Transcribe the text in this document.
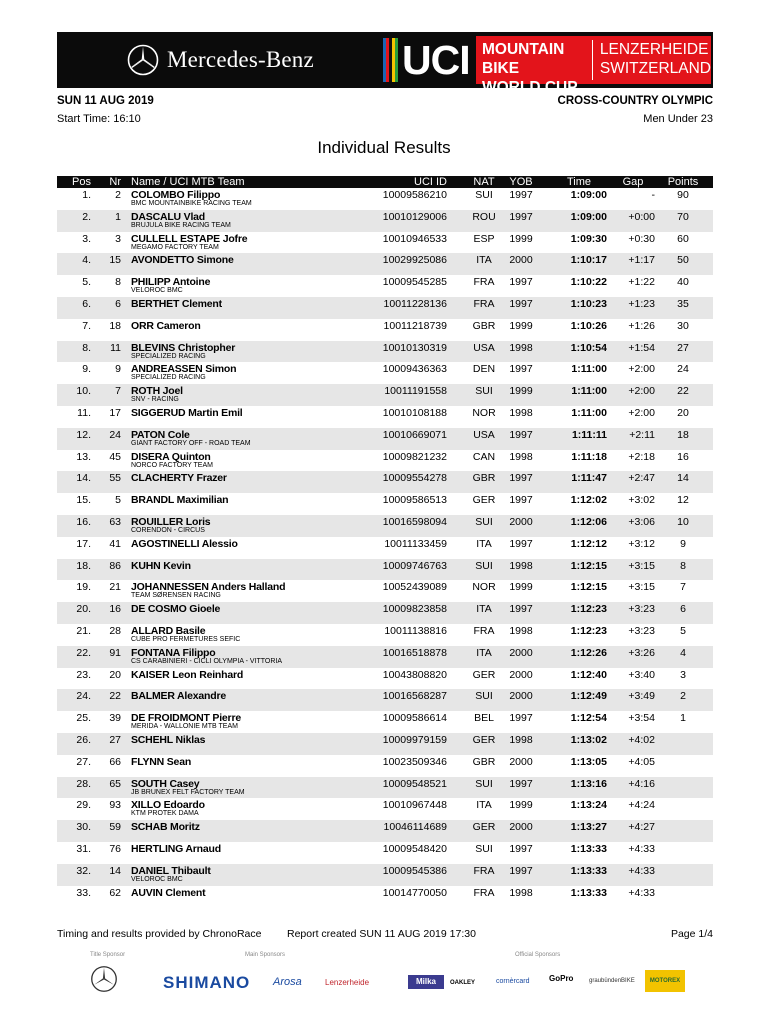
Mercedes-Benz UCI MOUNTAIN BIKE
WORLD CUP
LENZERHEIDE
SWITZERLAND
SUN 11 AUG 2019
Start Time: 16:10
CROSS-COUNTRY OLYMPIC
Men Under 23
Individual Results
Pos	Nr Name / UCI MTB Team	UCI ID	NAT	YOB	Time	Gap	Points
1.	2 COLOMBO Filippo	10009586210	SUI	1997	1:09:00	-	90
BMC MOUNTAINBIKE RACING TEAM
2.	1 DASCALU Vlad	10010129006	ROU	1997	1:09:00	+0:00	70
BRUJULA BIKE RACING TEAM
3.	3 CULLELL ESTAPE Jofre	10010946533	ESP	1999	1:09:30	+0:30	60
MEGAMO FACTORY TEAM
4.	15 AVONDETTO Simone	10029925086	ITA	2000	1:10:17	+1:17	50
5.	8 PHILIPP Antoine	10009545285	FRA	1997	1:10:22	+1:22	40
VELOROC BMC
6.	6 BERTHET Clement	10011228136	FRA	1997	1:10:23	+1:23	35
7.	18 ORR Cameron	10011218739	GBR	1999	1:10:26	+1:26	30
8.	11 BLEVINS Christopher	10010130319	USA	1998	1:10:54	+1:54	27
SPECIALIZED RACING
9.	9 ANDREASSEN Simon	10009436363	DEN	1997	1:11:00	+2:00	24
SPECIALIZED RACING
10.	7 ROTH Joel	10011191558	SUI	1999	1:11:00	+2:00	22
SNV - RACING
11.	17 SIGGERUD Martin Emil	10010108188	NOR	1998	1:11:00	+2:00	20
12.	24 PATON Cole	10010669071	USA	1997	1:11:11	+2:11	18
GIANT FACTORY OFF - ROAD TEAM
13.	45 DISERA Quinton	10009821232	CAN	1998	1:11:18	+2:18	16
NORCO FACTORY TEAM
14.	55 CLACHERTY Frazer	10009554278	GBR	1997	1:11:47	+2:47	14
15.	5 BRANDL Maximilian	10009586513	GER	1997	1:12:02	+3:02	12
16.	63 ROUILLER Loris	10016598094	SUI	2000	1:12:06	+3:06	10
CORENDON - CIRCUS
17.	41 AGOSTINELLI Alessio	10011133459	ITA	1997	1:12:12	+3:12	9
18.	86 KUHN Kevin	10009746763	SUI	1998	1:12:15	+3:15	8
19.	21 JOHANNESSEN Anders Halland	10052439089	NOR	1999	1:12:15	+3:15	7
TEAM SØRENSEN RACING
20.	16 DE COSMO Gioele	10009823858	ITA	1997	1:12:23	+3:23	6
21.	28 ALLARD Basile	10011138816	FRA	1998	1:12:23	+3:23	5
CUBE PRO FERMETURES SEFIC
22.	91 FONTANA Filippo	10016518878	ITA	2000	1:12:26	+3:26	4
CS CARABINIERI - CICLI OLYMPIA - VITTORIA
23.	20 KAISER Leon Reinhard	10043808820	GER	2000	1:12:40	+3:40	3
24.	22 BALMER Alexandre	10016568287	SUI	2000	1:12:49	+3:49	2
25.	39 DE FROIDMONT Pierre	10009586614	BEL	1997	1:12:54	+3:54	1
MERIDA - WALLONIE MTB TEAM
26.	27 SCHEHL Niklas	10009979159	GER	1998	1:13:02	+4:02
27.	66 FLYNN Sean	10023509346	GBR	2000	1:13:05	+4:05
28.	65 SOUTH Casey	10009548521	SUI	1997	1:13:16	+4:16
JB BRUNEX FELT FACTORY TEAM
29.	93 XILLO Edoardo	10010967448	ITA	1999	1:13:24	+4:24
KTM PROTEK DAMA
30.	59 SCHAB Moritz	10046114689	GER	2000	1:13:27	+4:27
31.	76 HERTLING Arnaud	10009548420	SUI	1997	1:13:33	+4:33
32.	14 DANIEL Thibault	10009545386	FRA	1997	1:13:33	+4:33
VELOROC BMC
33.	62 AUVIN Clement	10014770050	FRA	1998	1:13:33	+4:33
Timing and results provided by ChronoRace Report created SUN 11 AUG 2019 17:30	Page 1/4
Title Sponsor	Main Sponsors	Official Sponsors
SHIMANO Arosa	Lenzerheide	Milka	OAKLEY	cornèrcard GoPro	graubündenBIKE	MOTOREX
